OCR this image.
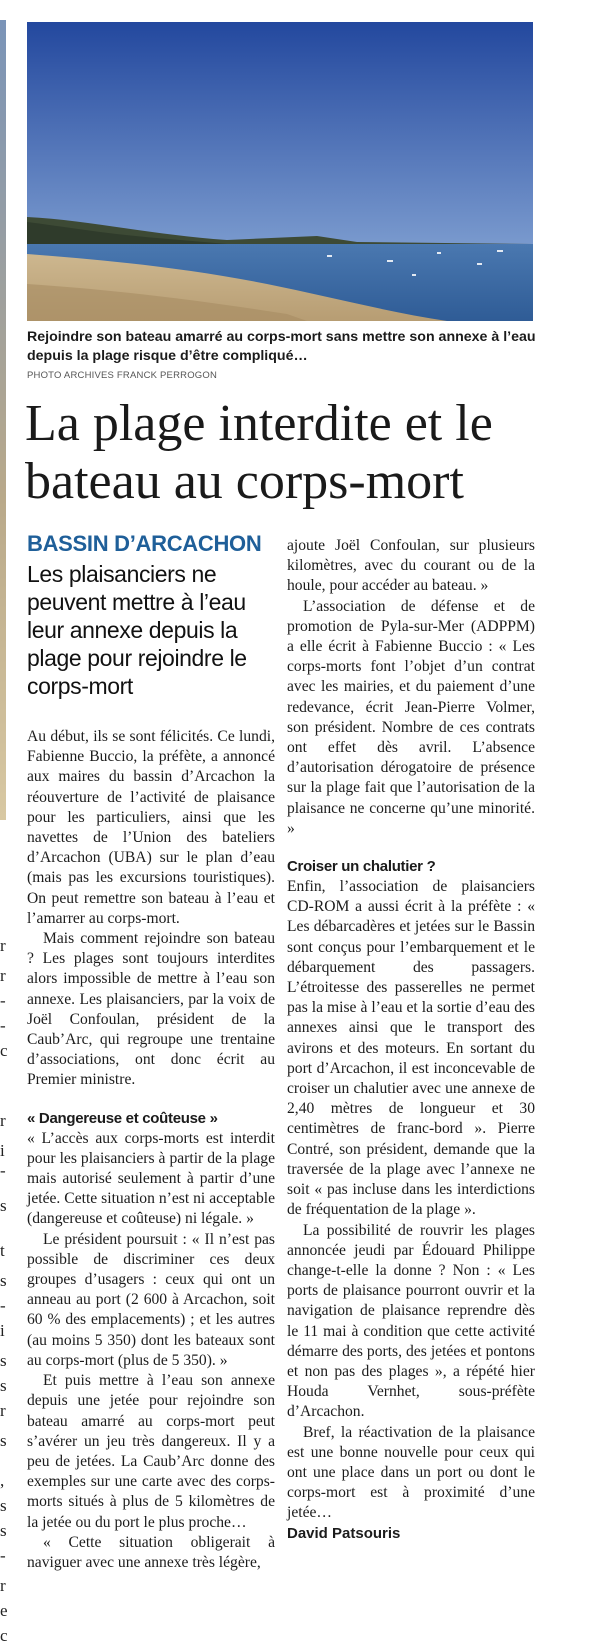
r
r
-
-
c
r
i
-
s
t
s
-
i
s
s
r
s
,
s
s
-
r
e
c

Rejoindre son bateau amarré au corps-mort sans mettre son annexe à l’eau depuis la plage risque d’être compliqué…

PHOTO ARCHIVES FRANCK PERROGON
La plage interdite et le bateau au corps-mort
BASSIN D’ARCACHON
Les plaisanciers ne peuvent mettre à l’eau leur annexe depuis la plage pour rejoindre le corps-mort

Au début, ils se sont félicités. Ce lundi, Fabienne Buccio, la préfète, a annoncé aux maires du bassin d’Arcachon la réouverture de l’activité de plaisance pour les particuliers, ainsi que les navettes de l’Union des bateliers d’Arcachon (UBA) sur le plan d’eau (mais pas les excursions touristiques). On peut remettre son bateau à l’eau et l’amarrer au corps-mort.

Mais comment rejoindre son bateau ? Les plages sont toujours interdites alors impossible de mettre à l’eau son annexe. Les plaisanciers, par la voix de Joël Confoulan, président de la Caub’Arc, qui regroupe une trentaine d’associations, ont donc écrit au Premier ministre.

« Dangereuse et coûteuse »

« L’accès aux corps-morts est interdit pour les plaisanciers à partir de la plage mais autorisé seulement à partir d’une jetée. Cette situation n’est ni acceptable (dangereuse et coûteuse) ni légale. »

Le président poursuit : « Il n’est pas possible de discriminer ces deux groupes d’usagers : ceux qui ont un anneau au port (2 600 à Arcachon, soit 60 % des emplacements) ; et les autres (au moins 5 350) dont les bateaux sont au corps-mort (plus de 5 350). »

Et puis mettre à l’eau son annexe depuis une jetée pour rejoindre son bateau amarré au corps-mort peut s’avérer un jeu très dangereux. Il y a peu de jetées. La Caub’Arc donne des exemples sur une carte avec des corps-morts situés à plus de 5 kilomètres de la jetée ou du port le plus proche…

« Cette situation obligerait à naviguer avec une annexe très légère,

ajoute Joël Confoulan, sur plusieurs kilomètres, avec du courant ou de la houle, pour accéder au bateau. »

L’association de défense et de promotion de Pyla-sur-Mer (ADPPM) a elle écrit à Fabienne Buccio : « Les corps-morts font l’objet d’un contrat avec les mairies, et du paiement d’une redevance, écrit Jean-Pierre Volmer, son président. Nombre de ces contrats ont effet dès avril. L’absence d’autorisation dérogatoire de présence sur la plage fait que l’autorisation de la plaisance ne concerne qu’une minorité. »

Croiser un chalutier ?

Enfin, l’association de plaisanciers CD-ROM a aussi écrit à la préfète : « Les débarcadères et jetées sur le Bassin sont conçus pour l’embarquement et le débarquement des passagers. L’étroitesse des passerelles ne permet pas la mise à l’eau et la sortie d’eau des annexes ainsi que le transport des avirons et des moteurs. En sortant du port d’Arcachon, il est inconcevable de croiser un chalutier avec une annexe de 2,40 mètres de longueur et 30 centimètres de franc-bord ». Pierre Contré, son président, demande que la traversée de la plage avec l’annexe ne soit « pas incluse dans les interdictions de fréquentation de la plage ».

La possibilité de rouvrir les plages annoncée jeudi par Édouard Philippe change-t-elle la donne ? Non : « Les ports de plaisance pourront ouvrir et la navigation de plaisance reprendre dès le 11 mai à condition que cette activité démarre des ports, des jetées et pontons et non pas des plages », a répété hier Houda Vernhet, sous-préfète d’Arcachon.

Bref, la réactivation de la plaisance est une bonne nouvelle pour ceux qui ont une place dans un port ou dont le corps-mort est à proximité d’une jetée…

David Patsouris
